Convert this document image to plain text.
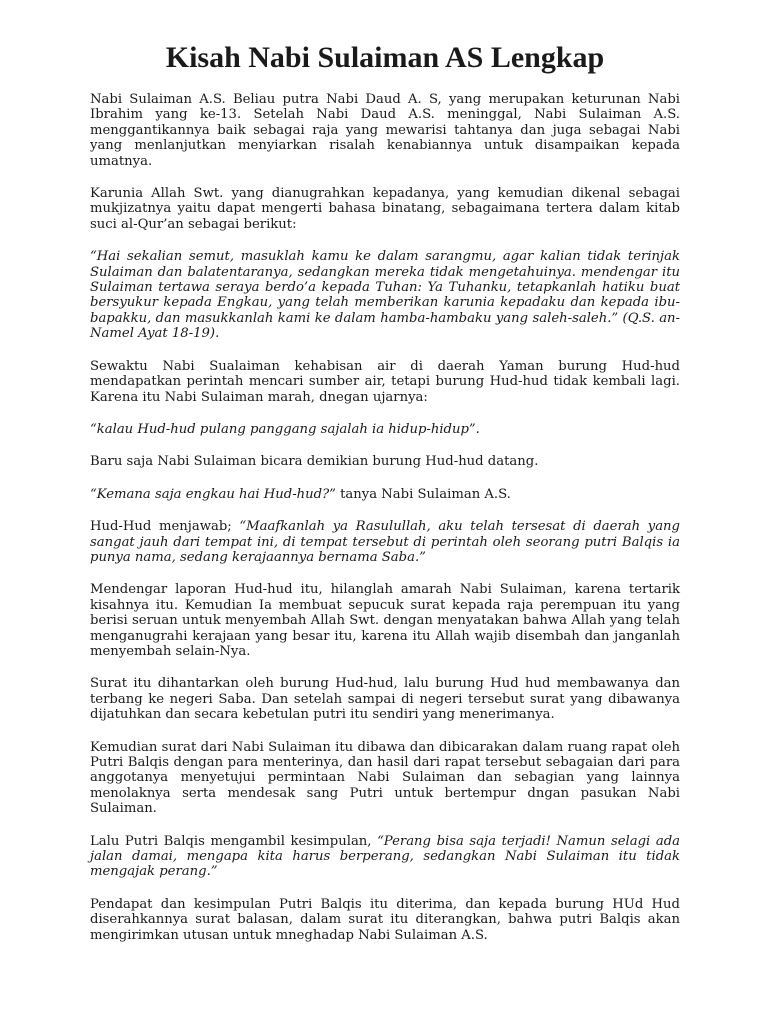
Kisah Nabi Sulaiman AS Lengkap

Nabi Sulaiman A.S. Beliau putra Nabi Daud A. S, yang merupakan keturunan Nabi Ibrahim yang ke-13. Setelah Nabi Daud A.S. meninggal, Nabi Sulaiman A.S. menggantikannya baik sebagai raja yang mewarisi tahtanya dan juga sebagai Nabi yang menlanjutkan menyiarkan risalah kenabiannya untuk disampaikan kepada umatnya.

Karunia Allah Swt. yang dianugrahkan kepadanya, yang kemudian dikenal sebagai mukjizatnya yaitu dapat mengerti bahasa binatang, sebagaimana tertera dalam kitab suci al-Qur’an sebagai berikut:

“Hai sekalian semut, masuklah kamu ke dalam sarangmu, agar kalian tidak terinjak Sulaiman dan balatentaranya, sedangkan mereka tidak mengetahuinya. mendengar itu Sulaiman tertawa seraya berdo’a kepada Tuhan: Ya Tuhanku, tetapkanlah hatiku buat bersyukur kepada Engkau, yang telah memberikan karunia kepadaku dan kepada ibu-bapakku, dan masukkanlah kami ke dalam hamba-hambaku yang saleh-saleh.” (Q.S. an-Namel Ayat 18-19).

Sewaktu Nabi Sualaiman kehabisan air di daerah Yaman burung Hud-hud mendapatkan perintah mencari sumber air, tetapi burung Hud-hud tidak kembali lagi. Karena itu Nabi Sulaiman marah, dnegan ujarnya:

“kalau Hud-hud pulang panggang sajalah ia hidup-hidup”.

Baru saja Nabi Sulaiman bicara demikian burung Hud-hud datang.

“Kemana saja engkau hai Hud-hud?” tanya Nabi Sulaiman A.S.

Hud-Hud menjawab; “Maafkanlah ya Rasulullah, aku telah tersesat di daerah yang sangat jauh dari tempat ini, di tempat tersebut di perintah oleh seorang putri Balqis ia punya nama, sedang kerajaannya bernama Saba.”

Mendengar laporan Hud-hud itu, hilanglah amarah Nabi Sulaiman, karena tertarik kisahnya itu. Kemudian Ia membuat sepucuk surat kepada raja perempuan itu yang berisi seruan untuk menyembah Allah Swt. dengan menyatakan bahwa Allah yang telah menganugrahi kerajaan yang besar itu, karena itu Allah wajib disembah dan janganlah menyembah selain-Nya.

Surat itu dihantarkan oleh burung Hud-hud, lalu burung Hud hud membawanya dan terbang ke negeri Saba. Dan setelah sampai di negeri tersebut surat yang dibawanya dijatuhkan dan secara kebetulan putri itu sendiri yang menerimanya.

Kemudian surat dari Nabi Sulaiman itu dibawa dan dibicarakan dalam ruang rapat oleh Putri Balqis dengan para menterinya, dan hasil dari rapat tersebut sebagaian dari para anggotanya menyetujui permintaan Nabi Sulaiman dan sebagian yang lainnya menolaknya serta mendesak sang Putri untuk bertempur dngan pasukan Nabi Sulaiman.

Lalu Putri Balqis mengambil kesimpulan, “Perang bisa saja terjadi! Namun selagi ada jalan damai, mengapa kita harus berperang, sedangkan Nabi Sulaiman itu tidak mengajak perang.”

Pendapat dan kesimpulan Putri Balqis itu diterima, dan kepada burung HUd Hud diserahkannya surat balasan, dalam surat itu diterangkan, bahwa putri Balqis akan mengirimkan utusan untuk mneghadap Nabi Sulaiman A.S.
